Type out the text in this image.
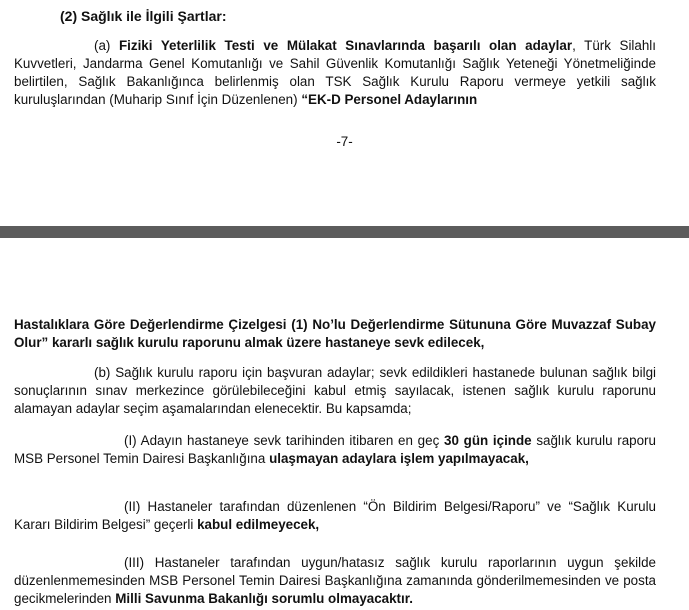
(2) Sağlık ile İlgili Şartlar:
(a) Fiziki Yeterlilik Testi ve Mülakat Sınavlarında başarılı olan adaylar, Türk Silahlı Kuvvetleri, Jandarma Genel Komutanlığı ve Sahil Güvenlik Komutanlığı Sağlık Yeteneği Yönetmeliğinde belirtilen, Sağlık Bakanlığınca belirlenmiş olan TSK Sağlık Kurulu Raporu vermeye yetkili sağlık kuruluşlarından (Muharip Sınıf İçin Düzenlenen) “EK-D Personel Adaylarının
-7-
Hastalıklara Göre Değerlendirme Çizelgesi (1) No’lu Değerlendirme Sütununa Göre Muvazzaf Subay Olur” kararlı sağlık kurulu raporunu almak üzere hastaneye sevk edilecek,
(b) Sağlık kurulu raporu için başvuran adaylar; sevk edildikleri hastanede bulunan sağlık bilgi sonuçlarının sınav merkezince görülebileceğini kabul etmiş sayılacak, istenen sağlık kurulu raporunu alamayan adaylar seçim aşamalarından elenecektir. Bu kapsamda;
(I) Adayın hastaneye sevk tarihinden itibaren en geç 30 gün içinde sağlık kurulu raporu MSB Personel Temin Dairesi Başkanlığına ulaşmayan adaylara işlem yapılmayacak,
(II) Hastaneler tarafından düzenlenen “Ön Bildirim Belgesi/Raporu” ve “Sağlık Kurulu Kararı Bildirim Belgesi” geçerli kabul edilmeyecek,
(III) Hastaneler tarafından uygun/hatasız sağlık kurulu raporlarının uygun şekilde düzenlenmemesinden MSB Personel Temin Dairesi Başkanlığına zamanında gönderilmemesinden ve posta gecikmelerinden Milli Savunma Bakanlığı sorumlu olmayacaktır.
